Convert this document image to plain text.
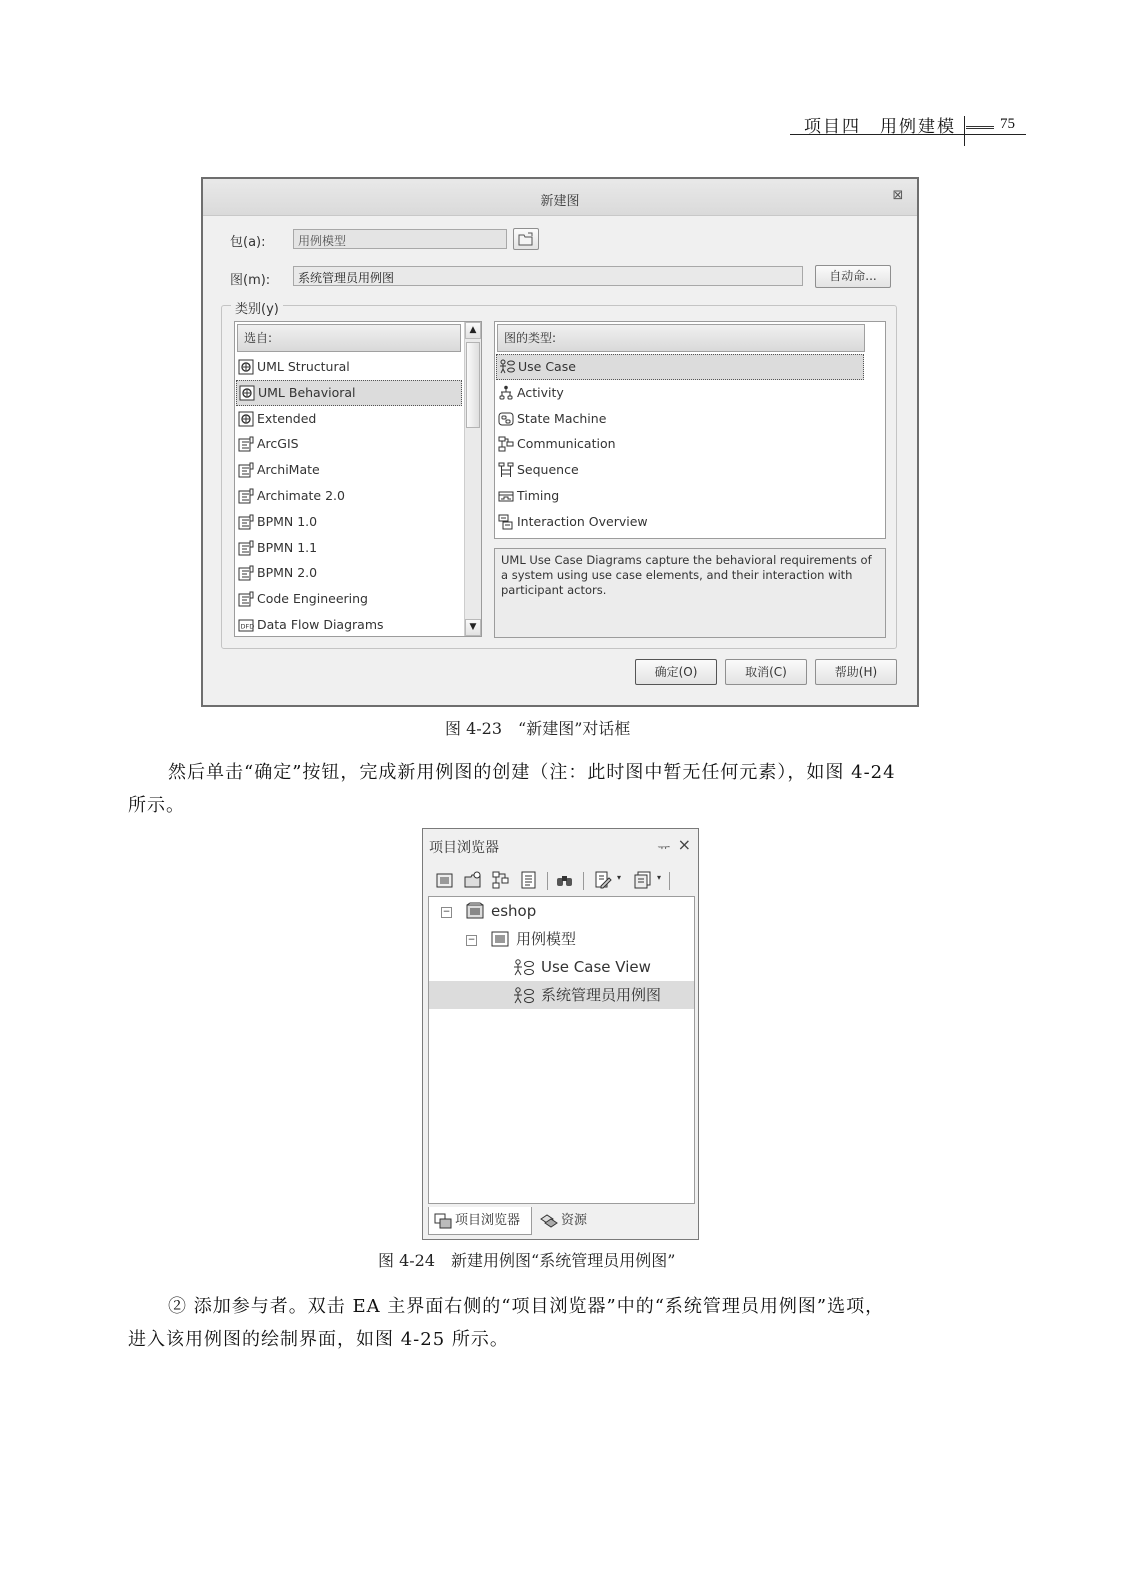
项目四　用例建模	75
新建图	⊠
包(a):	用例模型
图(m):	系统管理员用例图	自动命...
类别(y)
选自:
UML Structural
UML Behavioral
Extended
ArcGIS
ArchiMate
Archimate 2.0
BPMN 1.0
BPMN 1.1
BPMN 2.0
Code Engineering
DFD Data Flow Diagrams
▲
▼
图的类型:
Use Case
Activity
State Machine
Communication
Sequence
Timing
Interaction Overview
UML Use Case Diagrams capture the behavioral requirements of a system using use case elements, and their interaction with participant actors.
确定(O)	取消(C)	帮助(H)
图 4-23　“新建图”对话框
然后单击“确定”按钮，完成新用例图的创建（注：此时图中暂无任何元素），如图 4-24
所示。
项目浏览器	ᅲ ×
▾	▾
−	eshop
−	用例模型
Use Case View
系统管理员用例图
项目浏览器	资源
图 4-24　新建用例图“系统管理员用例图”
② 添加参与者。双击 EA 主界面右侧的“项目浏览器”中的“系统管理员用例图”选项，
进入该用例图的绘制界面，如图 4-25 所示。
